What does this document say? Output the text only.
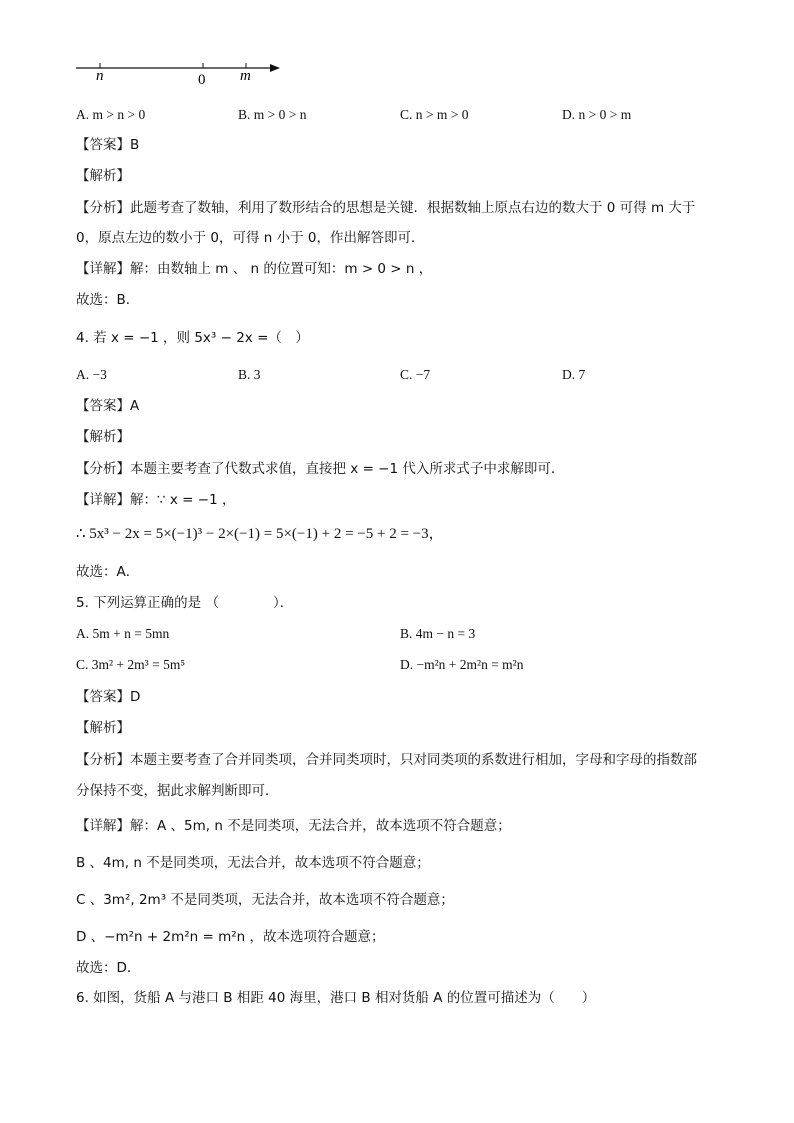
n	0 m
A. m > n > 0	B. m > 0 > n	C. n > m > 0	D. n > 0 > m
【答案】B
【解析】
【分析】此题考查了数轴，利用了数形结合的思想是关键．根据数轴上原点右边的数大于 0 可得 m 大于
0，原点左边的数小于 0，可得 n 小于 0，作出解答即可．
【详解】解：由数轴上 m 、 n 的位置可知：m > 0 > n ，
故选：B．
4. 若 x = −1 ，则 5x³ − 2x =（　）
A. −3	B. 3	C. −7	D. 7
【答案】A
【解析】
【分析】本题主要考查了代数式求值，直接把 x = −1 代入所求式子中求解即可．
【详解】解：∵ x = −1 ，
∴ 5x³ − 2x = 5×(−1)³ − 2×(−1) = 5×(−1) + 2 = −5 + 2 = −3，
故选：A．
5. 下列运算正确的是 （　　　　）．
A. 5m + n = 5mn	B. 4m − n = 3
C. 3m² + 2m³ = 5m⁵	D. −m²n + 2m²n = m²n
【答案】D
【解析】
【分析】本题主要考查了合并同类项，合并同类项时，只对同类项的系数进行相加，字母和字母的指数部
分保持不变，据此求解判断即可．
【详解】解：A 、5m, n 不是同类项，无法合并，故本选项不符合题意；
B 、4m, n 不是同类项，无法合并，故本选项不符合题意；
C 、3m², 2m³ 不是同类项，无法合并，故本选项不符合题意；
D 、−m²n + 2m²n = m²n ，故本选项符合题意；
故选：D．
6. 如图，货船 A 与港口 B 相距 40 海里，港口 B 相对货船 A 的位置可描述为（　　）
